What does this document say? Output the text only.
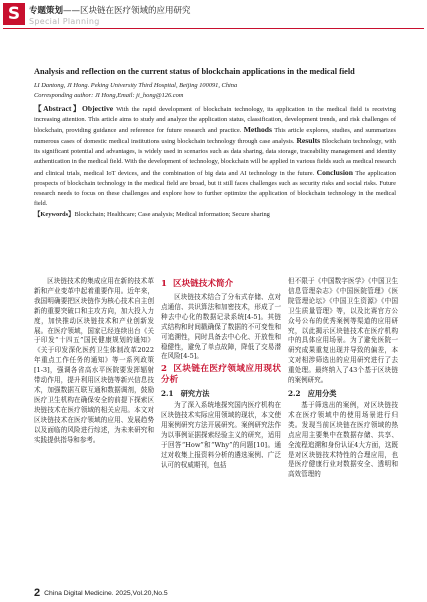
S	专题策划——区块链在医疗领域的应用研究
Special Planning

Analysis and reflection on the current status of blockchain applications in the medical field

LI Dantong, JI Hong. Peking University Third Hospital, Beijing 100091, China
Corresponding author: JI Hong,Email: ji_hong@126.com
【Abstract】Objective With the rapid development of blockchain technology, its application in the medical field is receiving increasing attention. This article aims to study and analyze the application status, classification, development trends, and risk challenges of blockchain, providing guidance and reference for future research and practice. Methods This article explores, studies, and summarizes numerous cases of domestic medical institutions using blockchain technology through case analysis. Results Blockchain technology, with its significant potential and advantages, is widely used in scenarios such as data sharing, data storage, traceability management and identity authentication in the medical field. With the development of technology, blockchain will be applied in various fields such as medical research and clinical trials, medical IoT devices, and the combination of big data and AI technology in the future. Conclusion The application prospects of blockchain technology in the medical field are broad, but it still faces challenges such as security risks and social risks. Future research needs to focus on these challenges and explore how to further optimize the application of blockchain technology in the medical field.
【Keywords】Blockchain; Healthcare; Case analysis; Medical information; Secure sharing

区块链技术的集成应用在新的技术革新和产业变革中起着重要作用。近年来，我国明确要把区块链作为核心技术自主创新的重要突破口和主攻方向，加大投入力度，加快推动区块链技术和产业创新发展。在医疗领域，国家已经连续出台《关于印发“十四五”国民健康规划的通知》《关于印发深化医药卫生体制改革2022年重点工作任务的通知》等一系列政策[1-3]，强调各省高水平医院要发挥辐射带动作用，提升利用区块链等新兴信息技术，加强数据互联互通和数据调剂，鼓励医疗卫生机构在确保安全的前提下探索区块链技术在医疗领域的相关应用。本文对区块链技术在医疗领域的应用、发展趋势以及面临的风险进行综述，为未来研究和实践提供指导和参考。

1 区块链技术简介

区块链技术结合了分布式存储、点对点通信、共识算法和加密技术，形成了一种去中心化的数据记录系统[4-5]。其链式结构和时间戳确保了数据的不可变性和可追溯性，同时具备去中心化、开放性和稳健性，避免了单点故障，降低了交易潜在风险[4-5]。

2 区块链在医疗领域应用现状分析
2.1　研究方法

为了深入系统地探究国内医疗机构在区块链技术实际应用领域的现状，本文使用案例研究方法开展研究。案例研究法作为以事例证据探索经验主义的研究，适用于回答“How”和“Why”的问题[10]。通过对收集上报资料分析的遴选案例、广泛认可的权威期刊，包括

但不限于《中国数字医学》《中国卫生信息管理杂志》《中国医院管理》《医院管理论坛》《中国卫生资源》《中国卫生质量管理》等，以及比赛官方公众号公布的优秀案例等渠道的应用研究，以此揭示区块链技术在医疗机构中的具体应用场景。为了避免医院一研究成果重复出现并导致的偏差，本文对相涉筛选出的应用研究进行了去重处理。最终纳入了43个基于区块链的案例研究。

2.2　应用分类

基于筛选出的案例，对区块链技术在医疗领域中的使用场景进行归类。发现当前区块链在医疗领域的热点应用主要集中在数据存储、共享、全流程追溯和身份认证4大方面，这既是对区块链技术特性的合理应用，也是医疗健康行业对数据安全、透明和高效管理的

2 China Digital Medicine. 2025,Vol.20,No.5
